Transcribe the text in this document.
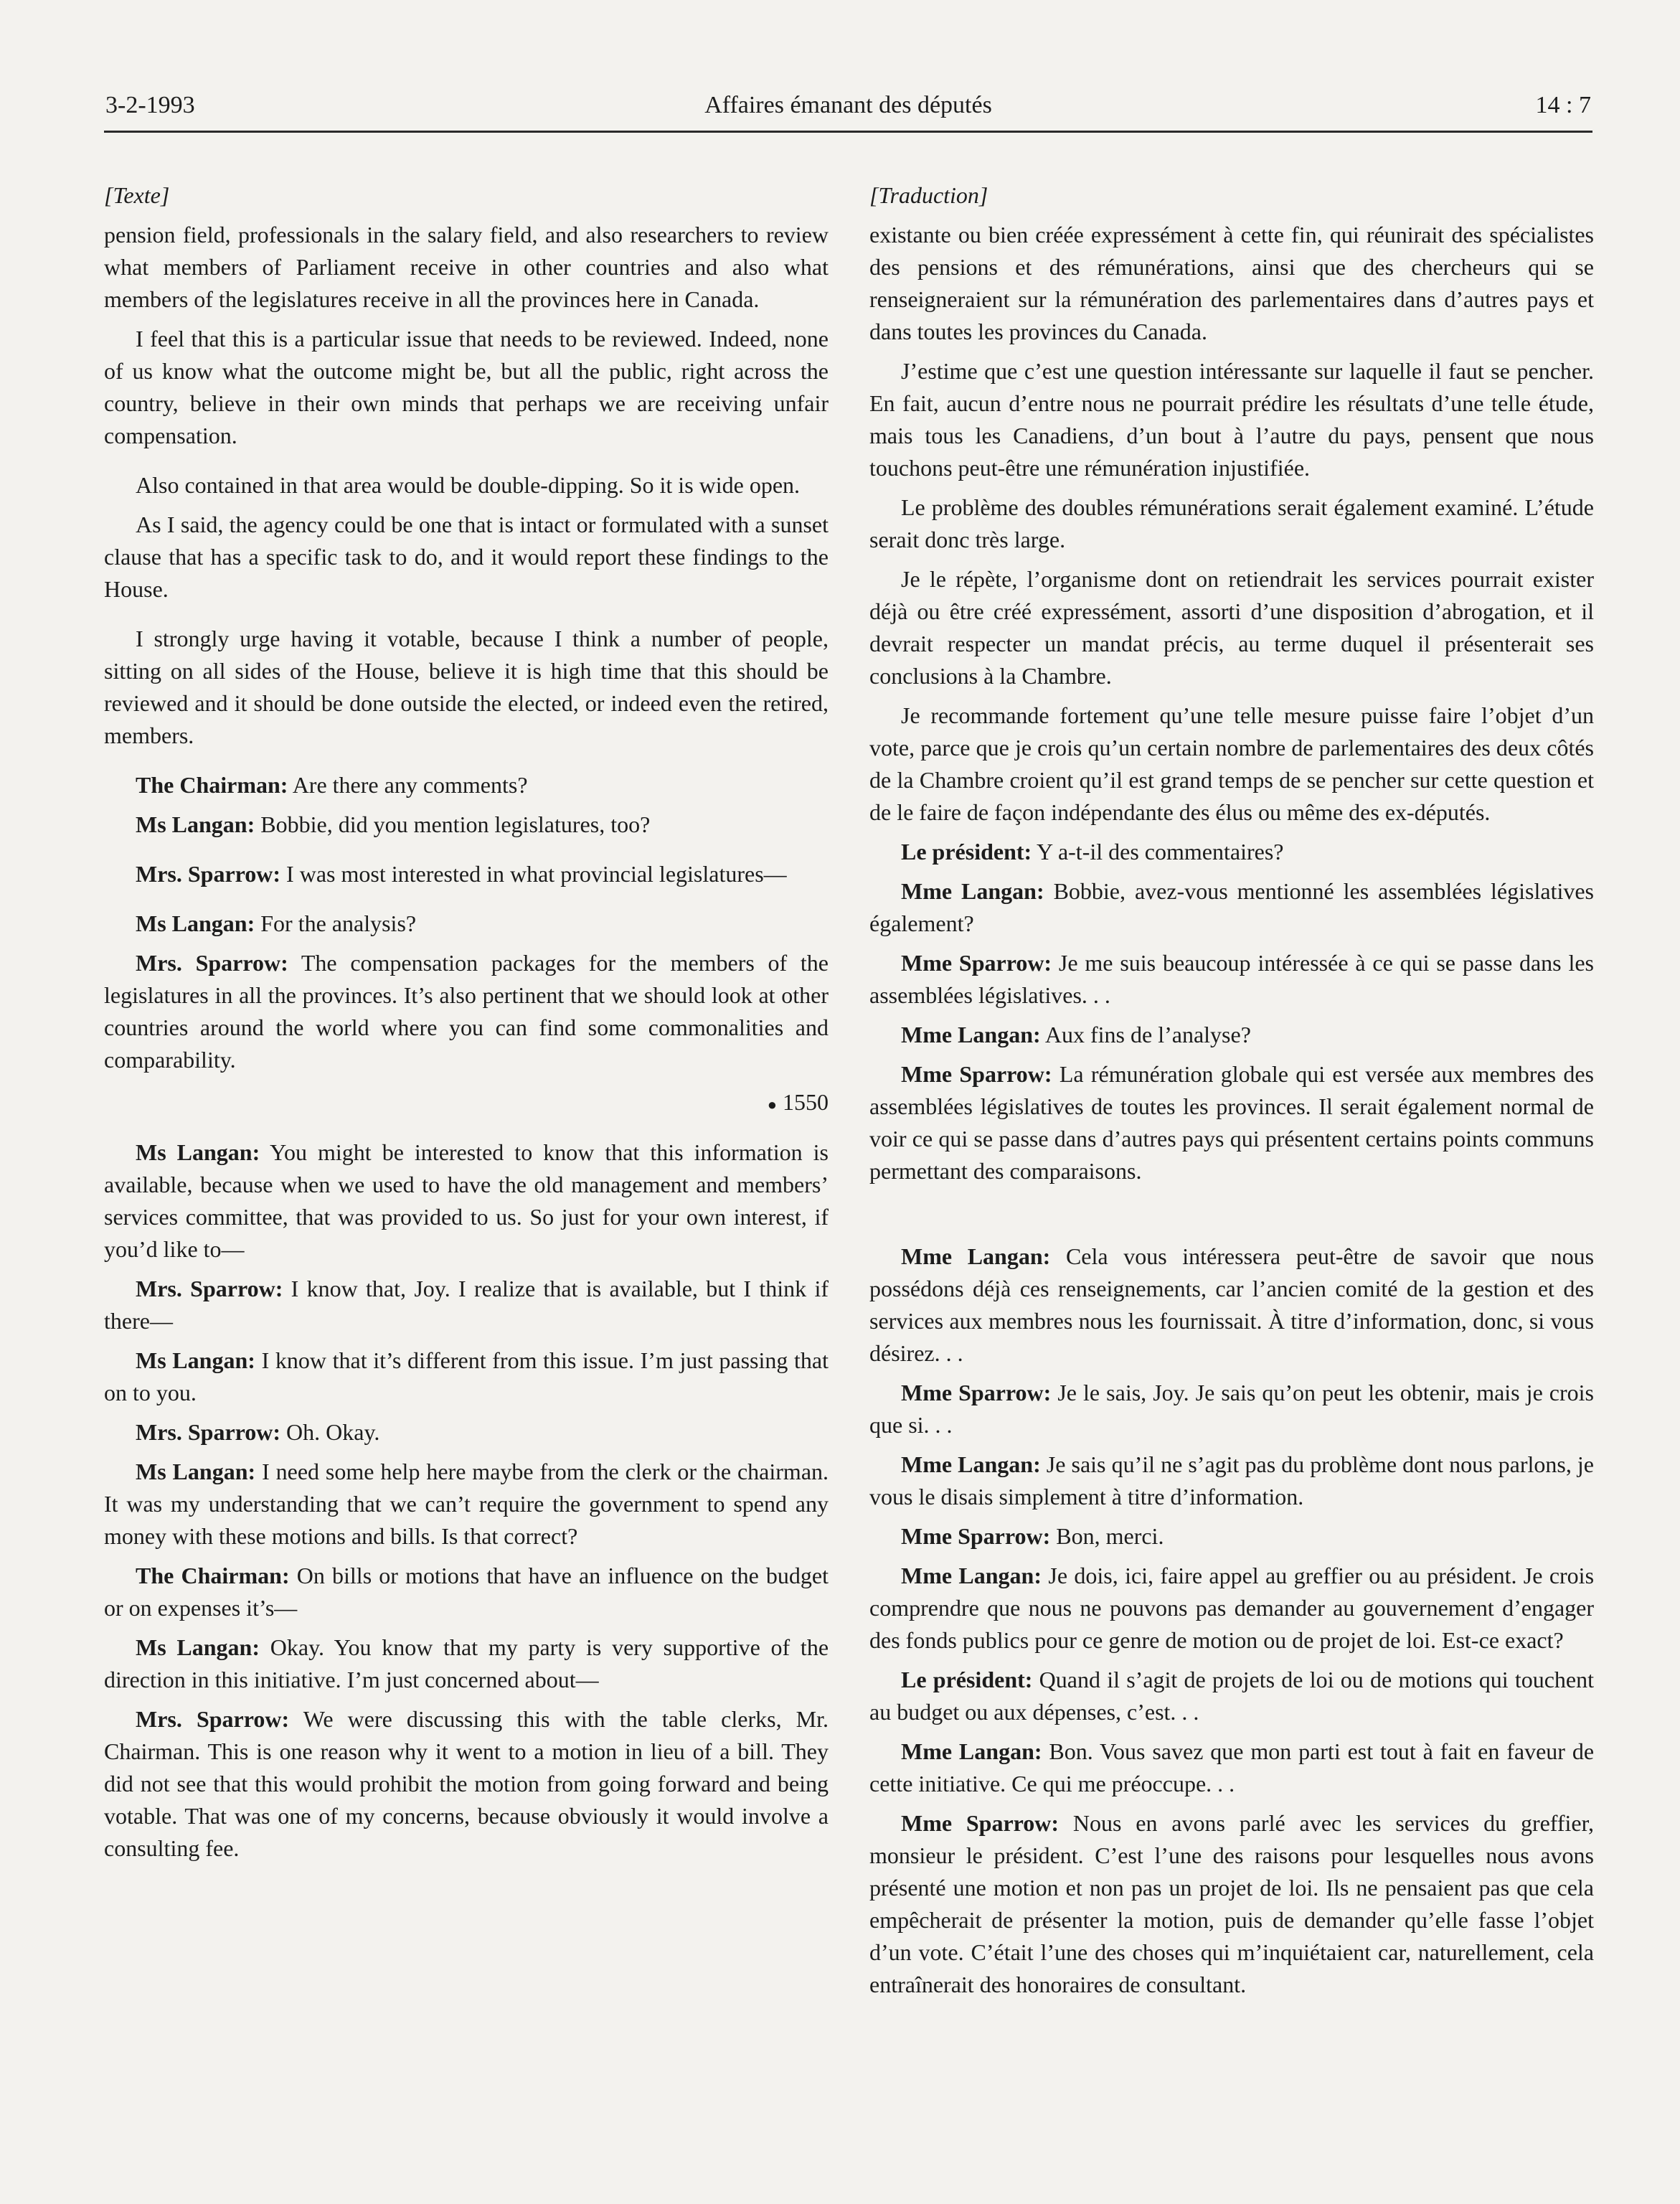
3-2-1993	Affaires émanant des députés	14 : 7
[Texte]

pension field, professionals in the salary field, and also researchers to review what members of Parliament receive in other countries and also what members of the legislatures receive in all the provinces here in Canada.

I feel that this is a particular issue that needs to be reviewed. Indeed, none of us know what the outcome might be, but all the public, right across the country, believe in their own minds that perhaps we are receiving unfair compensation.

Also contained in that area would be double-dipping. So it is wide open.

As I said, the agency could be one that is intact or formulated with a sunset clause that has a specific task to do, and it would report these findings to the House.

I strongly urge having it votable, because I think a number of people, sitting on all sides of the House, believe it is high time that this should be reviewed and it should be done outside the elected, or indeed even the retired, members.

The Chairman: Are there any comments?

Ms Langan: Bobbie, did you mention legislatures, too?

Mrs. Sparrow: I was most interested in what provincial legislatures—

Ms Langan: For the analysis?

Mrs. Sparrow: The compensation packages for the members of the legislatures in all the provinces. It’s also pertinent that we should look at other countries around the world where you can find some commonalities and comparability.

● 1550

Ms Langan: You might be interested to know that this information is available, because when we used to have the old management and members’ services committee, that was provided to us. So just for your own interest, if you’d like to—

Mrs. Sparrow: I know that, Joy. I realize that is available, but I think if there—

Ms Langan: I know that it’s different from this issue. I’m just passing that on to you.

Mrs. Sparrow: Oh. Okay.

Ms Langan: I need some help here maybe from the clerk or the chairman. It was my understanding that we can’t require the government to spend any money with these motions and bills. Is that correct?

The Chairman: On bills or motions that have an influence on the budget or on expenses it’s—

Ms Langan: Okay. You know that my party is very supportive of the direction in this initiative. I’m just concerned about—

Mrs. Sparrow: We were discussing this with the table clerks, Mr. Chairman. This is one reason why it went to a motion in lieu of a bill. They did not see that this would prohibit the motion from going forward and being votable. That was one of my concerns, because obviously it would involve a consulting fee.

[Traduction]

existante ou bien créée expressément à cette fin, qui réunirait des spécialistes des pensions et des rémunérations, ainsi que des chercheurs qui se renseigneraient sur la rémunération des parlementaires dans d’autres pays et dans toutes les provinces du Canada.

J’estime que c’est une question intéressante sur laquelle il faut se pencher. En fait, aucun d’entre nous ne pourrait prédire les résultats d’une telle étude, mais tous les Canadiens, d’un bout à l’autre du pays, pensent que nous touchons peut-être une rémunération injustifiée.

Le problème des doubles rémunérations serait également examiné. L’étude serait donc très large.

Je le répète, l’organisme dont on retiendrait les services pourrait exister déjà ou être créé expressément, assorti d’une disposition d’abrogation, et il devrait respecter un mandat précis, au terme duquel il présenterait ses conclusions à la Chambre.

Je recommande fortement qu’une telle mesure puisse faire l’objet d’un vote, parce que je crois qu’un certain nombre de parlementaires des deux côtés de la Chambre croient qu’il est grand temps de se pencher sur cette question et de le faire de façon indépendante des élus ou même des ex-députés.

Le président: Y a-t-il des commentaires?

Mme Langan: Bobbie, avez-vous mentionné les assemblées législatives également?

Mme Sparrow: Je me suis beaucoup intéressée à ce qui se passe dans les assemblées législatives. . .

Mme Langan: Aux fins de l’analyse?

Mme Sparrow: La rémunération globale qui est versée aux membres des assemblées législatives de toutes les provinces. Il serait également normal de voir ce qui se passe dans d’autres pays qui présentent certains points communs permettant des comparaisons.

Mme Langan: Cela vous intéressera peut-être de savoir que nous possédons déjà ces renseignements, car l’ancien comité de la gestion et des services aux membres nous les fournissait. À titre d’information, donc, si vous désirez. . .

Mme Sparrow: Je le sais, Joy. Je sais qu’on peut les obtenir, mais je crois que si. . .

Mme Langan: Je sais qu’il ne s’agit pas du problème dont nous parlons, je vous le disais simplement à titre d’information.

Mme Sparrow: Bon, merci.

Mme Langan: Je dois, ici, faire appel au greffier ou au président. Je crois comprendre que nous ne pouvons pas demander au gouvernement d’engager des fonds publics pour ce genre de motion ou de projet de loi. Est-ce exact?

Le président: Quand il s’agit de projets de loi ou de motions qui touchent au budget ou aux dépenses, c’est. . .

Mme Langan: Bon. Vous savez que mon parti est tout à fait en faveur de cette initiative. Ce qui me préoccupe. . .

Mme Sparrow: Nous en avons parlé avec les services du greffier, monsieur le président. C’est l’une des raisons pour lesquelles nous avons présenté une motion et non pas un projet de loi. Ils ne pensaient pas que cela empêcherait de présenter la motion, puis de demander qu’elle fasse l’objet d’un vote. C’était l’une des choses qui m’inquiétaient car, naturellement, cela entraînerait des honoraires de consultant.
